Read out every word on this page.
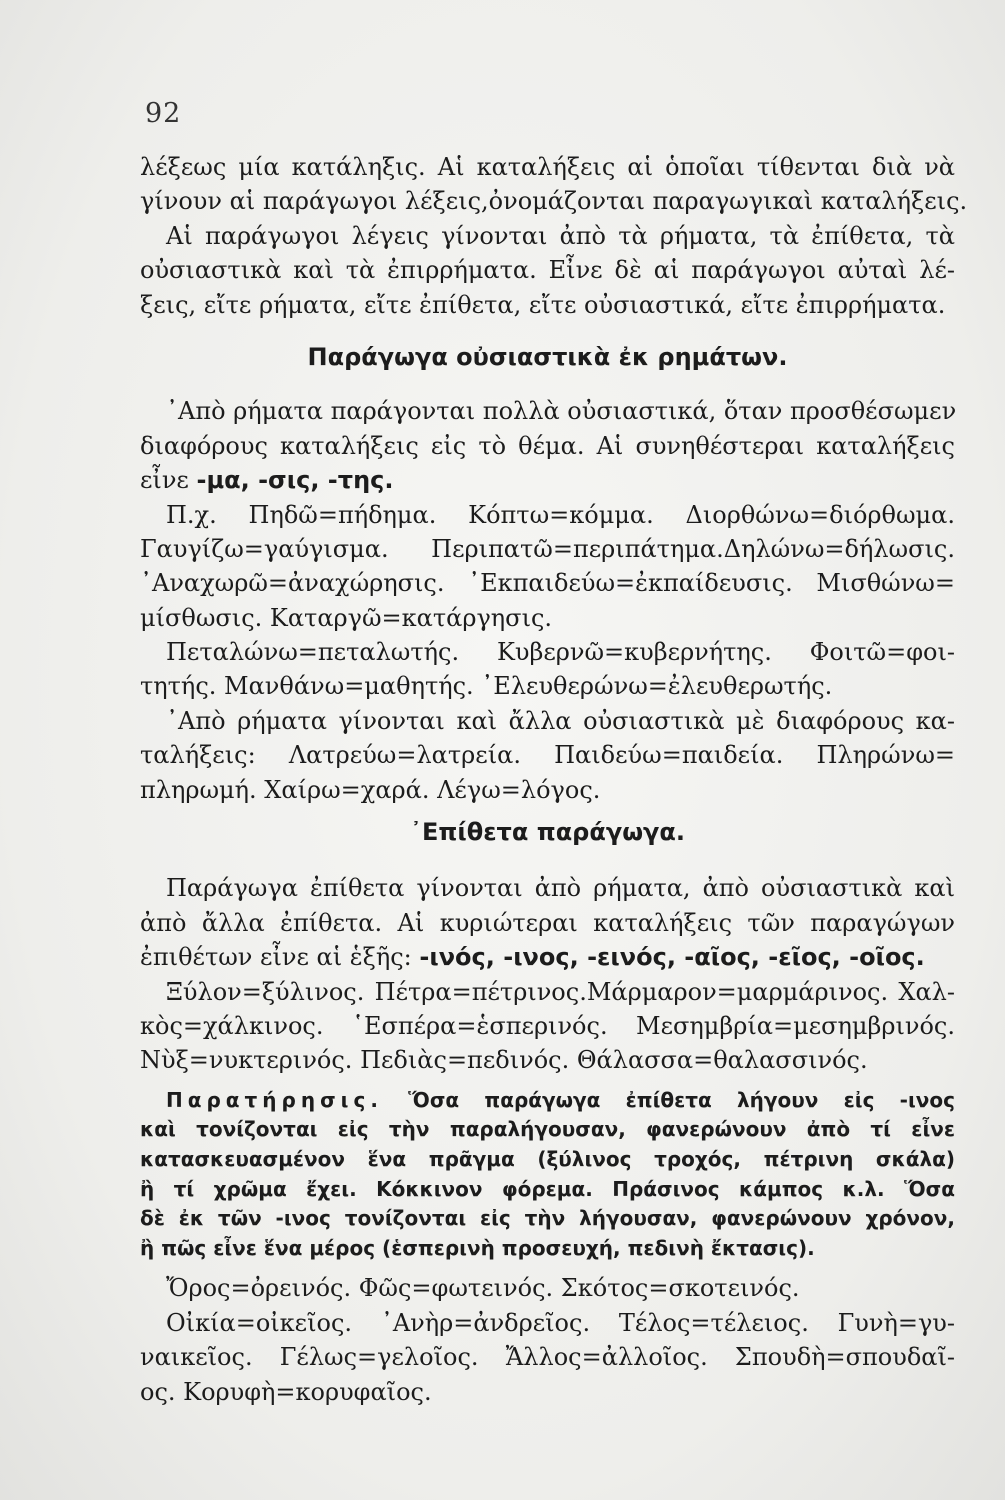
92
λέξεως μία κατάληξις. Αἱ καταλήξεις αἱ ὁποῖαι τίθενται διὰ νὰ
γίνουν αἱ παράγωγοι λέξεις,ὀνομάζονται παραγωγικαὶ καταλήξεις.
Αἱ παράγωγοι λέγεις γίνονται ἀπὸ τὰ ρήματα, τὰ ἐπίθετα, τὰ
οὐσιαστικὰ καὶ τὰ ἐπιρρήματα. Εἶνε δὲ αἱ παράγωγοι αὐταὶ λέ-
ξεις, εἴτε ρήματα, εἴτε ἐπίθετα, εἴτε οὐσιαστικά, εἴτε ἐπιρρήματα.
Παράγωγα οὐσιαστικὰ ἐκ ρημάτων.
᾿Απὸ ρήματα παράγονται πολλὰ οὐσιαστικά, ὅταν προσθέσωμεν
διαφόρους καταλήξεις εἰς τὸ θέμα. Αἱ συνηθέστεραι καταλήξεις
εἶνε -μα, -σις, -της.
Π.χ. Πηδῶ=πήδημα. Κόπτω=κόμμα. Διορθώνω=διόρθωμα.
Γαυγίζω=γαύγισμα. Περιπατῶ=περιπάτημα.Δηλώνω=δήλωσις.
᾿Αναχωρῶ=ἀναχώρησις. ᾿Εκπαιδεύω=ἐκπαίδευσις. Μισθώνω=
μίσθωσις. Καταργῶ=κατάργησις.
Πεταλώνω=πεταλωτής. Κυβερνῶ=κυβερνήτης. Φοιτῶ=φοι-
τητής. Μανθάνω=μαθητής. ᾿Ελευθερώνω=ἐλευθερωτής.
᾿Απὸ ρήματα γίνονται καὶ ἄλλα οὐσιαστικὰ μὲ διαφόρους κα-
ταλήξεις: Λατρεύω=λατρεία. Παιδεύω=παιδεία. Πληρώνω=
πληρωμή. Χαίρω=χαρά. Λέγω=λόγος.
᾿Επίθετα παράγωγα.
Παράγωγα ἐπίθετα γίνονται ἀπὸ ρήματα, ἀπὸ οὐσιαστικὰ καὶ
ἀπὸ ἄλλα ἐπίθετα. Αἱ κυριώτεραι καταλήξεις τῶν παραγώγων
ἐπιθέτων εἶνε αἱ ἑξῆς: -ινός, -ινος, -εινός, -αῖος, -εῖος, -οῖος.
Ξύλον=ξύλινος. Πέτρα=πέτρινος.Μάρμαρον=μαρμάρινος. Χαλ-
κὸς=χάλκινος. ῾Εσπέρα=ἑσπερινός. Μεσημβρία=μεσημβρινός.
Νὺξ=νυκτερινός. Πεδιὰς=πεδινός. Θάλασσα=θαλασσινός.
Παρατήρησις. Ὅσα παράγωγα ἐπίθετα λήγουν εἰς -ινος
καὶ τονίζονται εἰς τὴν παραλήγουσαν, φανερώνουν ἀπὸ τί εἶνε
κατασκευασμένον ἕνα πρᾶγμα (ξύλινος τροχός, πέτρινη σκάλα)
ἢ τί χρῶμα ἔχει. Κόκκινον φόρεμα. Πράσινος κάμπος κ.λ. Ὅσα
δὲ ἐκ τῶν -ινος τονίζονται εἰς τὴν λήγουσαν, φανερώνουν χρόνον,
ἢ πῶς εἶνε ἕνα μέρος (ἑσπερινὴ προσευχή, πεδινὴ ἔκτασις).
Ὄρος=ὀρεινός. Φῶς=φωτεινός. Σκότος=σκοτεινός.
Οἰκία=οἰκεῖος. ᾿Ανὴρ=ἀνδρεῖος. Τέλος=τέλειος. Γυνὴ=γυ-
ναικεῖος. Γέλως=γελοῖος. Ἄλλος=ἀλλοῖος. Σπουδὴ=σπουδαῖ-
ος. Κορυφὴ=κορυφαῖος.
